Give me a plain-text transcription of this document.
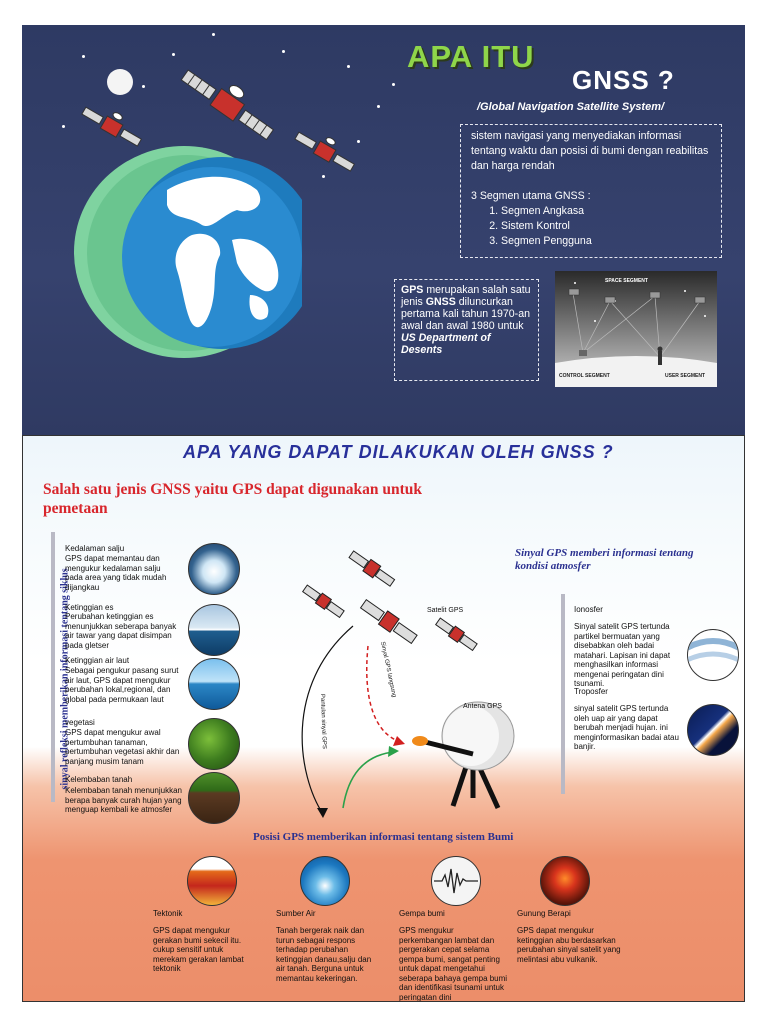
APA ITU
GNSS ?
/Global Navigation Satellite System/

sistem navigasi yang menyediakan informasi tentang waktu dan posisi di bumi dengan reabilitas dan harga rendah

3 Segmen utama GNSS :

1. Segmen Angkasa
2. Sistem Kontrol
3. Segmen Pengguna
GPS merupakan salah satu jenis GNSS diluncurkan pertama kali tahun 1970-an awal dan awal 1980 untuk US Department of Desents
SPACE SEGMENT
CONTROL SEGMENT	USER SEGMENT
APA YANG DAPAT DILAKUKAN OLEH GNSS ?
Salah satu jenis GNSS yaitu GPS dapat digunakan untuk pemetaan
sinyal refleksi memberikan informasi tentang siklus
Kedalaman salju
GPS dapat memantau dan mengukur kedalaman salju pada area yang tidak mudah dijangkau
Ketinggian es
Perubahan ketinggian es menunjukkan seberapa banyak air tawar yang dapat disimpan pada gletser
Ketinggian air laut
Sebagai pengukur pasang surut air laut, GPS dapat mengukur perubahan lokal,regional, dan global pada permukaan laut
vegetasi
GPS dapat mengukur awal pertumbuhan tanaman, pertumbuhan vegetasi akhir dan panjang musim tanam
Kelembaban tanah
Kelembaban tanah menunjukkan berapa banyak curah hujan yang menguap kembali ke atmosfer
Antena GPS
Satelit GPS
Sinyal GPS langsung
Pantulan sinyal GPS
Sinyal GPS memberi informasi tentang kondisi atmosfer
Ionosfer
Sinyal satelit GPS tertunda partikel bermuatan yang disebabkan oleh badai matahari. Lapisan ini dapat menghasilkan informasi mengenai peringatan dini tsunami.
Troposfer
sinyal satelit GPS tertunda oleh uap air yang dapat berubah menjadi hujan. ini menginformasikan badai atau banjir.
Posisi GPS memberikan informasi tentang sistem Bumi
Tektonik
GPS dapat mengukur gerakan bumi sekecil itu. cukup sensitif untuk merekam gerakan lambat tektonik
Sumber Air
Tanah bergerak naik dan turun sebagai respons terhadap perubahan ketinggian danau,salju dan air tanah. Berguna untuk memantau kekeringan.
Gempa bumi
GPS mengukur perkembangan lambat dan pergerakan cepat selama gempa bumi, sangat penting untuk dapat mengetahui seberapa bahaya gempa bumi dan identifikasi tsunami untuk peringatan dini
Gunung Berapi
GPS dapat mengukur ketinggian abu berdasarkan perubahan sinyal satelit yang melintasi abu vulkanik.
